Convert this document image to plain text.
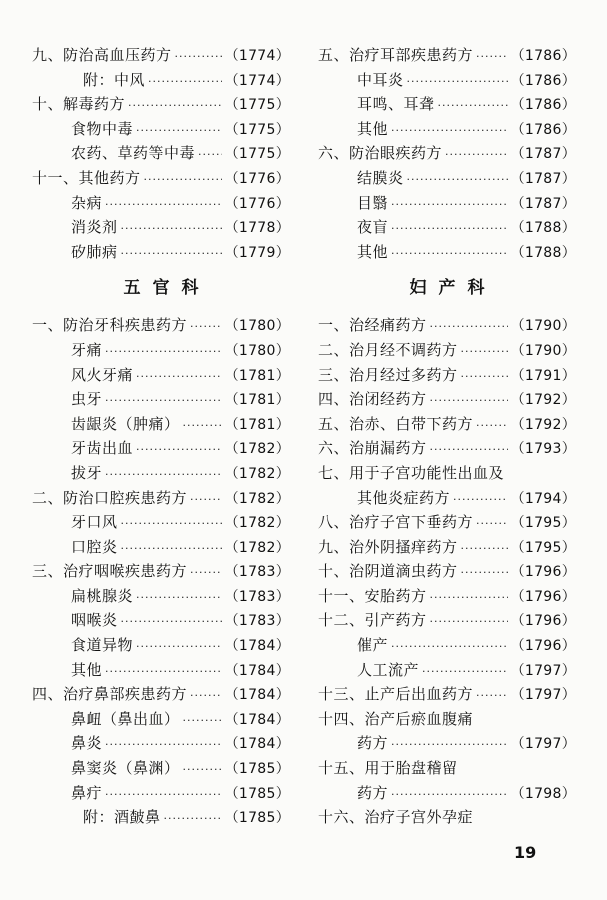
九、防治高血压药方 ·····	（1774）
附：中风 ·····	（1774）
十、解毒药方 ·····	（1775）
食物中毒 ·····	（1775）
农药、草药等中毒 ····· （1775）
十一、其他药方 ·····	（1776）
杂病 ·····	（1776）
消炎剂 ·····	（1778）
矽肺病 ·····	（1779）
五官科
一、防治牙科疾患药方 ·····	（1780）
牙痛 ·····	（1780）
风火牙痛 ·····	（1781）
虫牙 ·····	（1781）
齿龈炎（肿痛） ·····	（1781）
牙齿出血 ·····	（1782）
拔牙 ·····	（1782）
二、防治口腔疾患药方 ·····	（1782）
牙口风 ·····	（1782）
口腔炎 ·····	（1782）
三、治疗咽喉疾患药方 ·····	（1783）
扁桃腺炎 ·····	（1783）
咽喉炎 ·····	（1783）
食道异物 ·····	（1784）
其他 ·····	（1784）
四、治疗鼻部疾患药方 ·····	（1784）
鼻衄（鼻出血） ·····	（1784）
鼻炎 ·····	（1784）
鼻窦炎（鼻渊） ·····	（1785）
鼻疔 ·····	（1785）
附：酒皶鼻 ·····	（1785）
五、治疗耳部疾患药方 ·····	（1786）
中耳炎 ·····	（1786）
耳鸣、耳聋 ·····	（1786）
其他 ·····	（1786）
六、防治眼疾药方 ·····	（1787）
结膜炎 ·····	（1787）
目翳 ·····	（1787）
夜盲 ·····	（1788）
其他 ·····	（1788）
妇产科
一、治经痛药方 ·····	（1790）
二、治月经不调药方 ·····	（1790）
三、治月经过多药方 ·····	（1791）
四、治闭经药方 ·····	（1792）
五、治赤、白带下药方 ·····	（1792）
六、治崩漏药方 ·····	（1793）
七、用于子宫功能性出血及
其他炎症药方 ·····	（1794）
八、治疗子宫下垂药方 ·····	（1795）
九、治外阴搔痒药方 ·····	（1795）
十、治阴道滴虫药方 ·····	（1796）
十一、安胎药方 ·····	（1796）
十二、引产药方 ·····	（1796）
催产 ·····	（1796）
人工流产 ·····	（1797）
十三、止产后出血药方 ·····	（1797）
十四、治产后瘀血腹痛
药方 ·····	（1797）
十五、用于胎盘稽留
药方 ·····	（1798）
十六、治疗子宫外孕症
19
